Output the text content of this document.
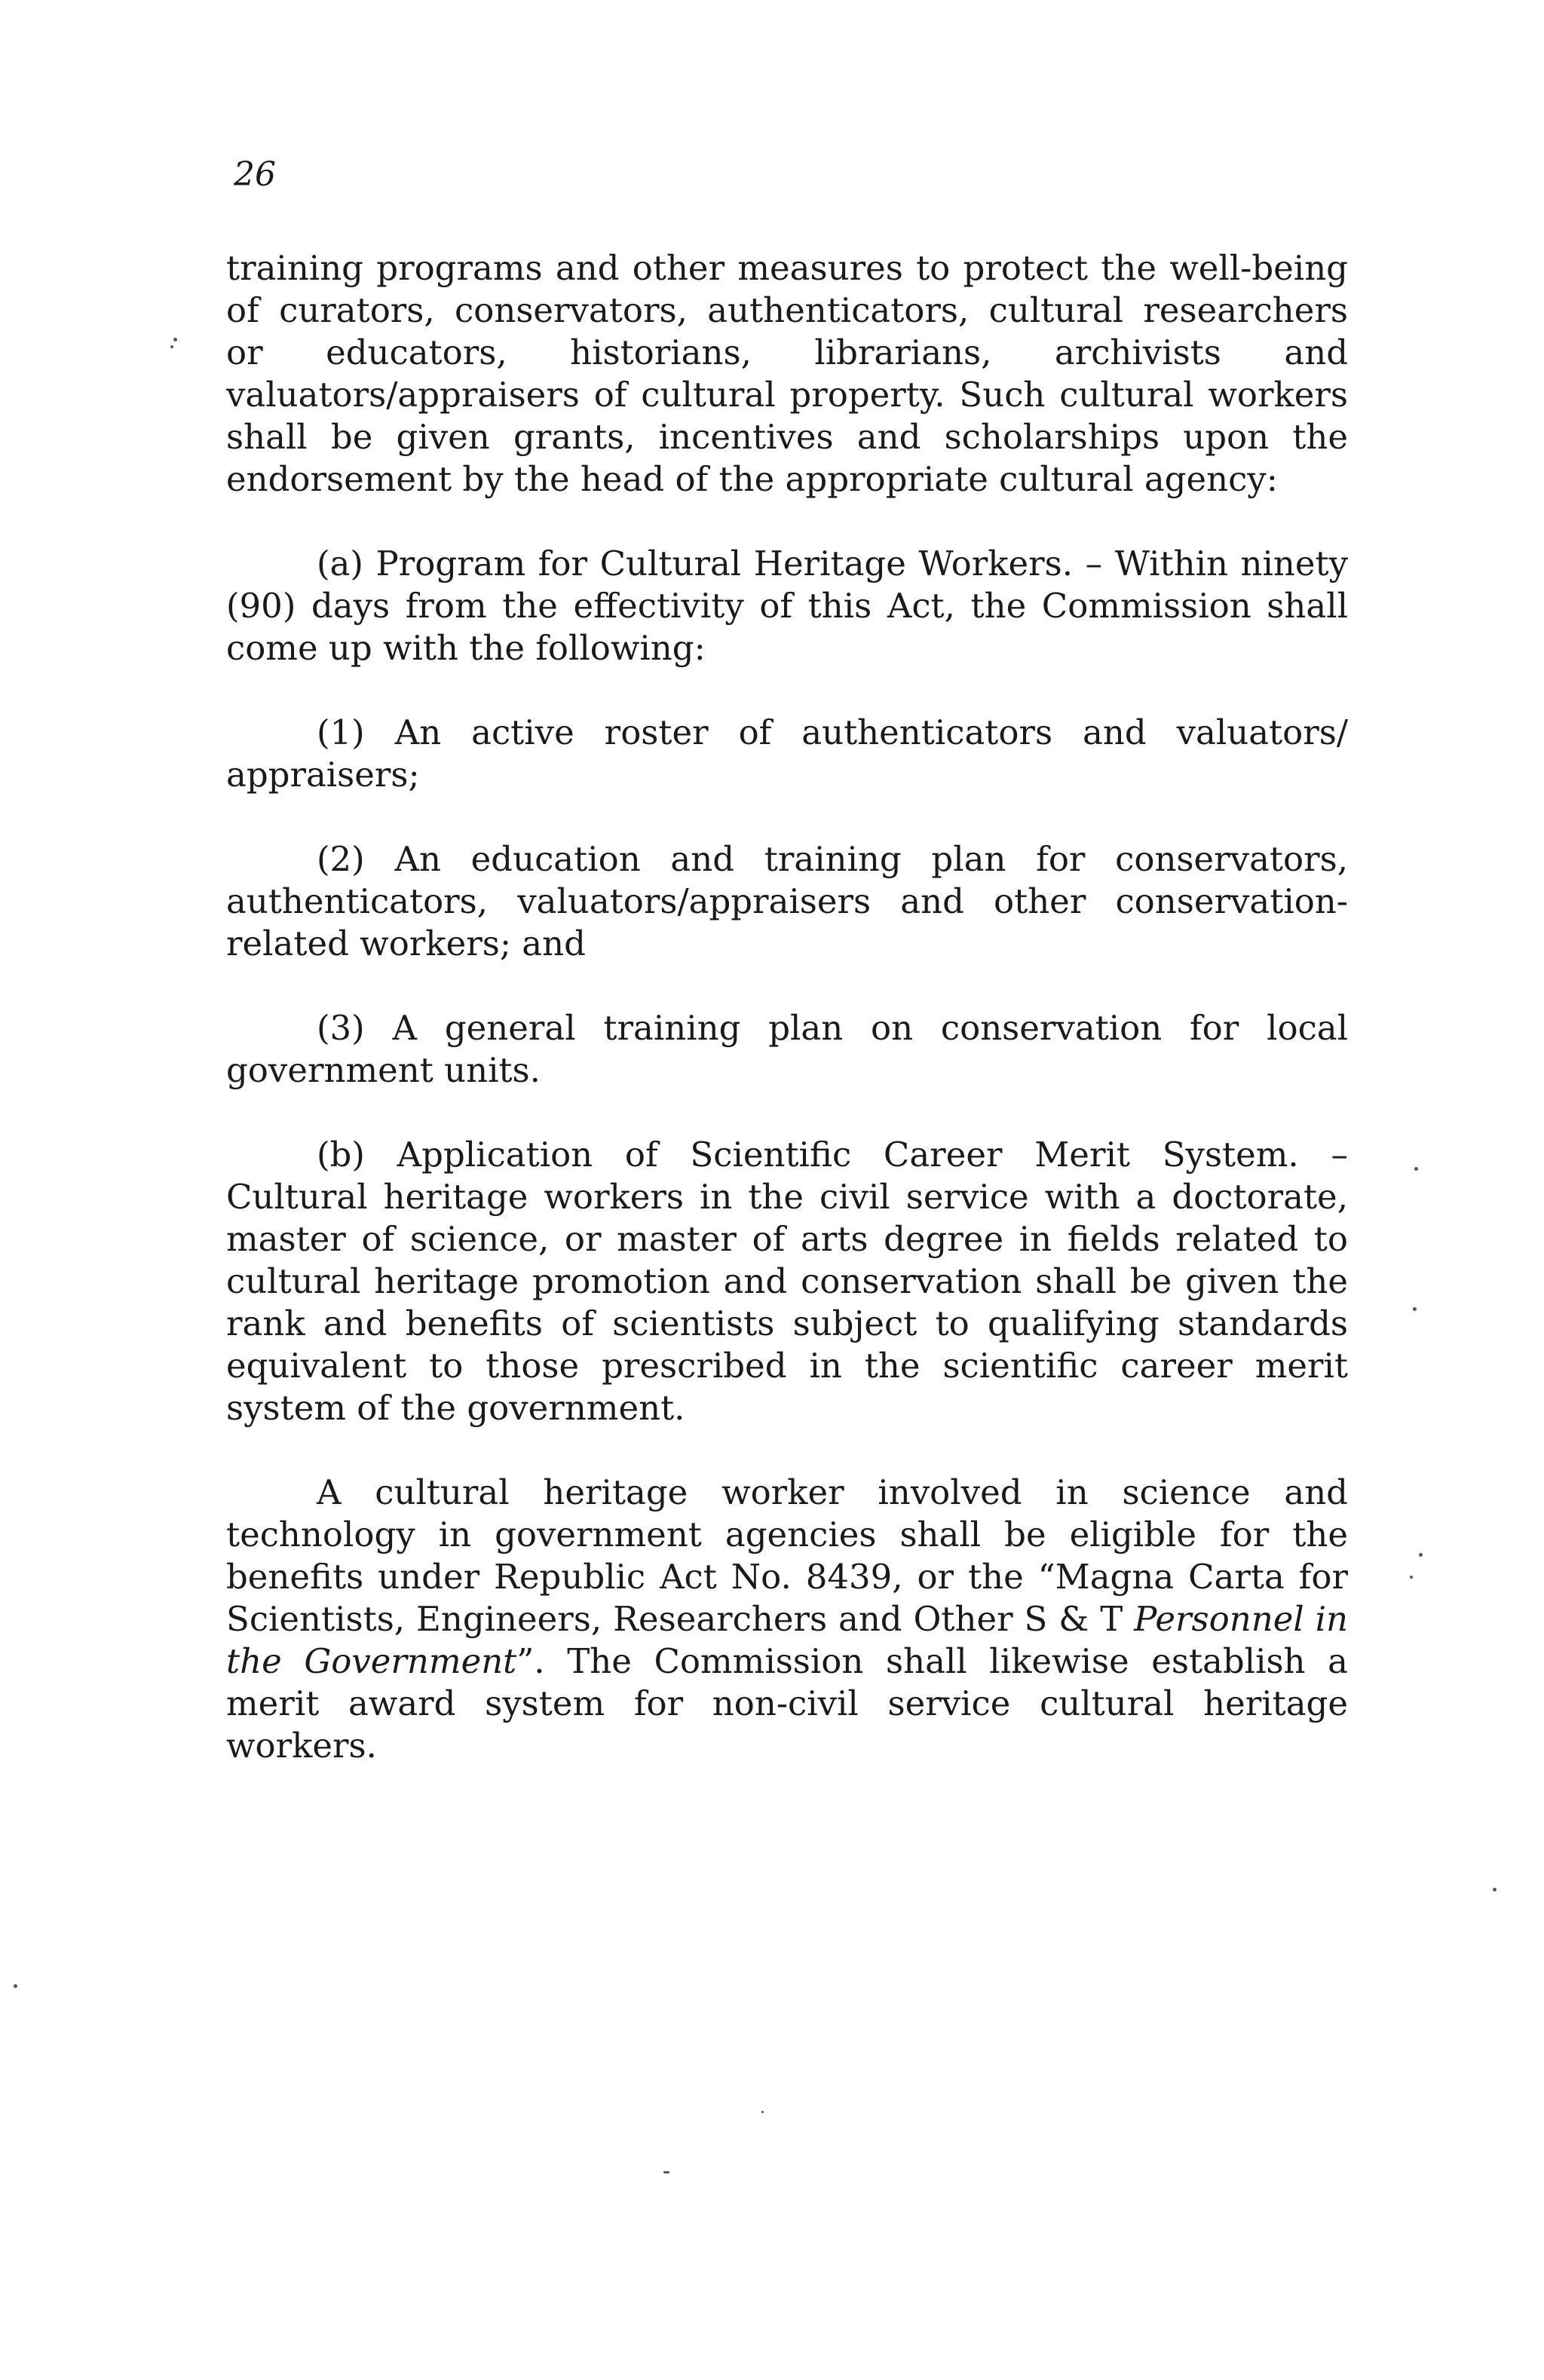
26

training programs and other measures to protect the well-being of curators, conservators, authenticators, cultural researchers or educators, historians, librarians, archivists and valuators/appraisers of cultural property. Such cultural workers shall be given grants, incentives and scholarships upon the endorsement by the head of the appropriate cultural agency:

(a) Program for Cultural Heritage Workers. – Within ninety (90) days from the effectivity of this Act, the Commission shall come up with the following:

(1) An active roster of authenticators and valuators/ appraisers;

(2) An education and training plan for conservators, authenticators, valuators/appraisers and other conservation-related workers; and

(3) A general training plan on conservation for local government units.

(b) Application of Scientific Career Merit System. – Cultural heritage workers in the civil service with a doctorate, master of science, or master of arts degree in fields related to cultural heritage promotion and conservation shall be given the rank and benefits of scientists subject to qualifying standards equivalent to those prescribed in the scientific career merit system of the government.

A cultural heritage worker involved in science and technology in government agencies shall be eligible for the benefits under Republic Act No. 8439, or the “Magna Carta for Scientists, Engineers, Researchers and Other S & T Personnel in the Government”. The Commission shall likewise establish a merit award system for non-civil service cultural heritage workers.
